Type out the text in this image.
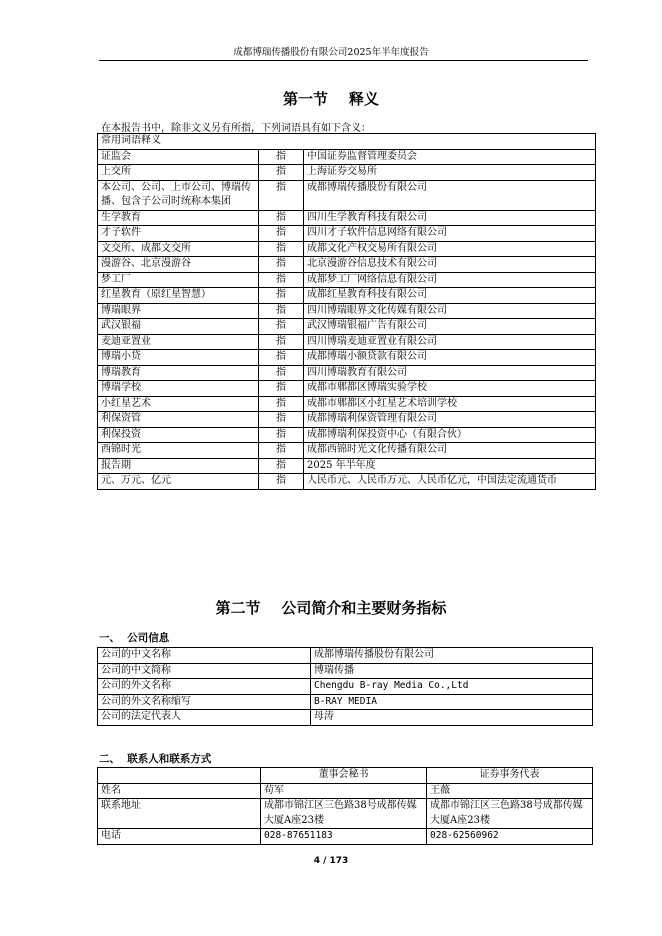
成都博瑞传播股份有限公司2025年半年度报告
第一节    释义
在本报告书中，除非文义另有所指，下列词语具有如下含义：
常用词语释义		
证监会	指	中国证券监督管理委员会
上交所	指	上海证券交易所
本公司、公司、上市公司、博瑞传播、包含子公司时统称本集团	指	成都博瑞传播股份有限公司
生学教育	指	四川生学教育科技有限公司
才子软件	指	四川才子软件信息网络有限公司
文交所、成都文交所	指	成都文化产权交易所有限公司
漫游谷、北京漫游谷	指	北京漫游谷信息技术有限公司
梦工厂	指	成都梦工厂网络信息有限公司
红星教育（原红星智慧）	指	成都红星教育科技有限公司
博瑞眼界	指	四川博瑞眼界文化传媒有限公司
武汉银福	指	武汉博瑞银福广告有限公司
麦迪亚置业	指	四川博瑞麦迪亚置业有限公司
博瑞小贷	指	成都博瑞小额贷款有限公司
博瑞教育	指	四川博瑞教育有限公司
博瑞学校	指	成都市郫都区博瑞实验学校
小红星艺术	指	成都市郫都区小红星艺术培训学校
利保资管	指	成都博瑞利保资管理有限公司
利保投资	指	成都博瑞利保投资中心（有限合伙）
西锦时光	指	成都西锦时光文化传播有限公司
报告期	指	2025 年半年度
元、万元、亿元	指	人民币元、人民币万元、人民币亿元，中国法定流通货币
第二节    公司简介和主要财务指标
一、  公司信息
公司的中文名称	成都博瑞传播股份有限公司
公司的中文简称	博瑞传播
公司的外文名称	Chengdu B-ray Media Co.,Ltd
公司的外文名称缩写	B-RAY MEDIA
公司的法定代表人	母涛
二、  联系人和联系方式
	董事会秘书	证券事务代表
姓名	苟军	王薇
联系地址	成都市锦江区三色路38号成都传媒大厦A座23楼	成都市锦江区三色路38号成都传媒大厦A座23楼
电话	028-87651183	028-62560962
4 / 173
